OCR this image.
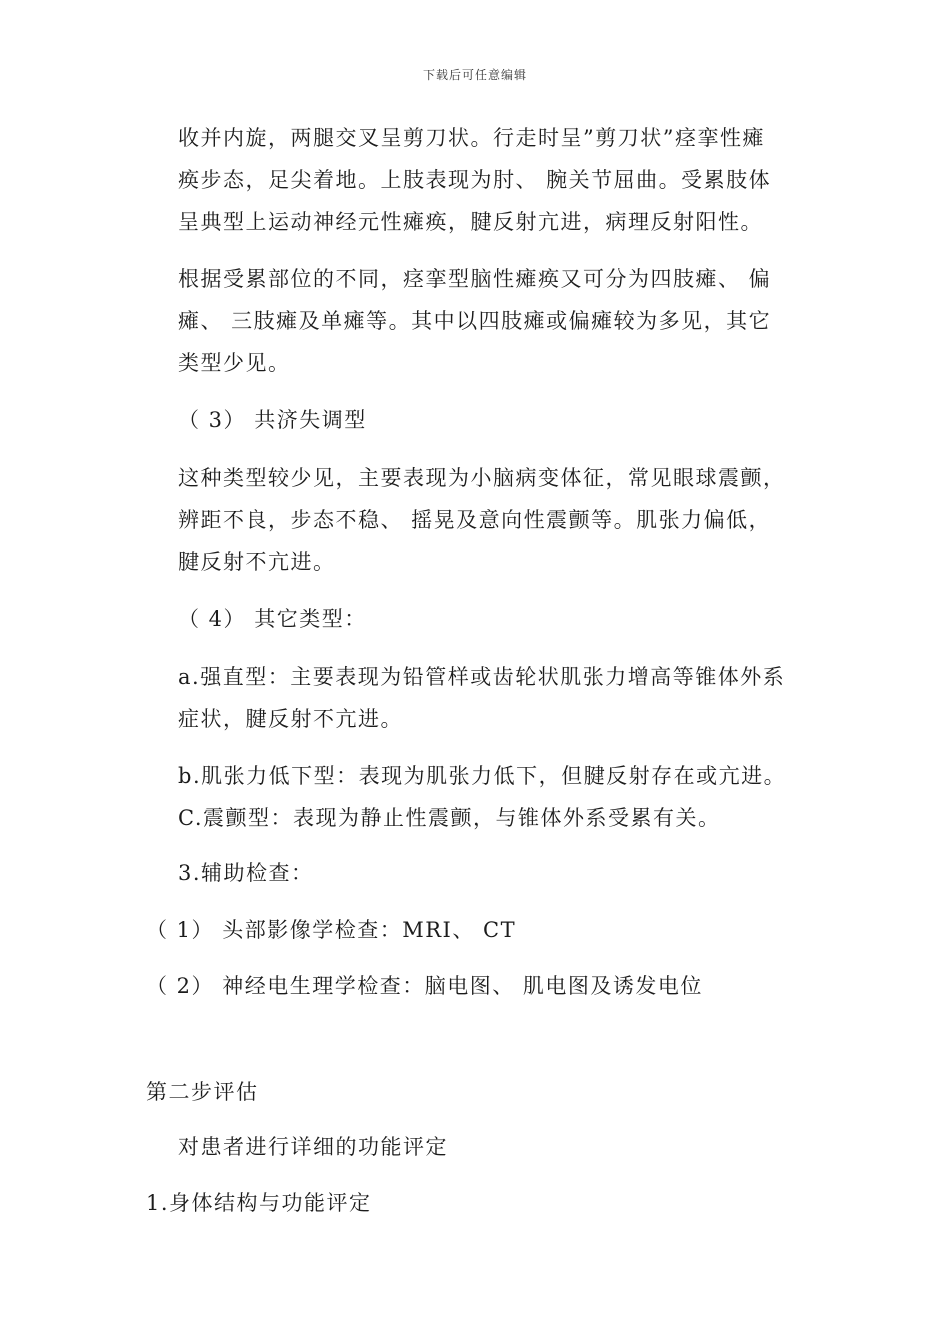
下载后可任意编辑
收并内旋，两腿交叉呈剪刀状。行走时呈”剪刀状”痉挛性瘫
痪步态，足尖着地。上肢表现为肘、 腕关节屈曲。受累肢体
呈典型上运动神经元性瘫痪，腱反射亢进，病理反射阳性。
根据受累部位的不同，痉挛型脑性瘫痪又可分为四肢瘫、 偏
瘫、 三肢瘫及单瘫等。其中以四肢瘫或偏瘫较为多见，其它
类型少见。
（ 3） 共济失调型
这种类型较少见，主要表现为小脑病变体征，常见眼球震颤，
辨距不良，步态不稳、 摇晃及意向性震颤等。肌张力偏低，
腱反射不亢进。
（ 4） 其它类型：
a.强直型：主要表现为铅管样或齿轮状肌张力增高等锥体外系
症状，腱反射不亢进。
b.肌张力低下型：表现为肌张力低下，但腱反射存在或亢进。
C.震颤型：表现为静止性震颤，与锥体外系受累有关。
3.辅助检查：
（ 1） 头部影像学检查：MRI、 CT
（ 2） 神经电生理学检查：脑电图、 肌电图及诱发电位
第二步评估
对患者进行详细的功能评定
1.身体结构与功能评定
